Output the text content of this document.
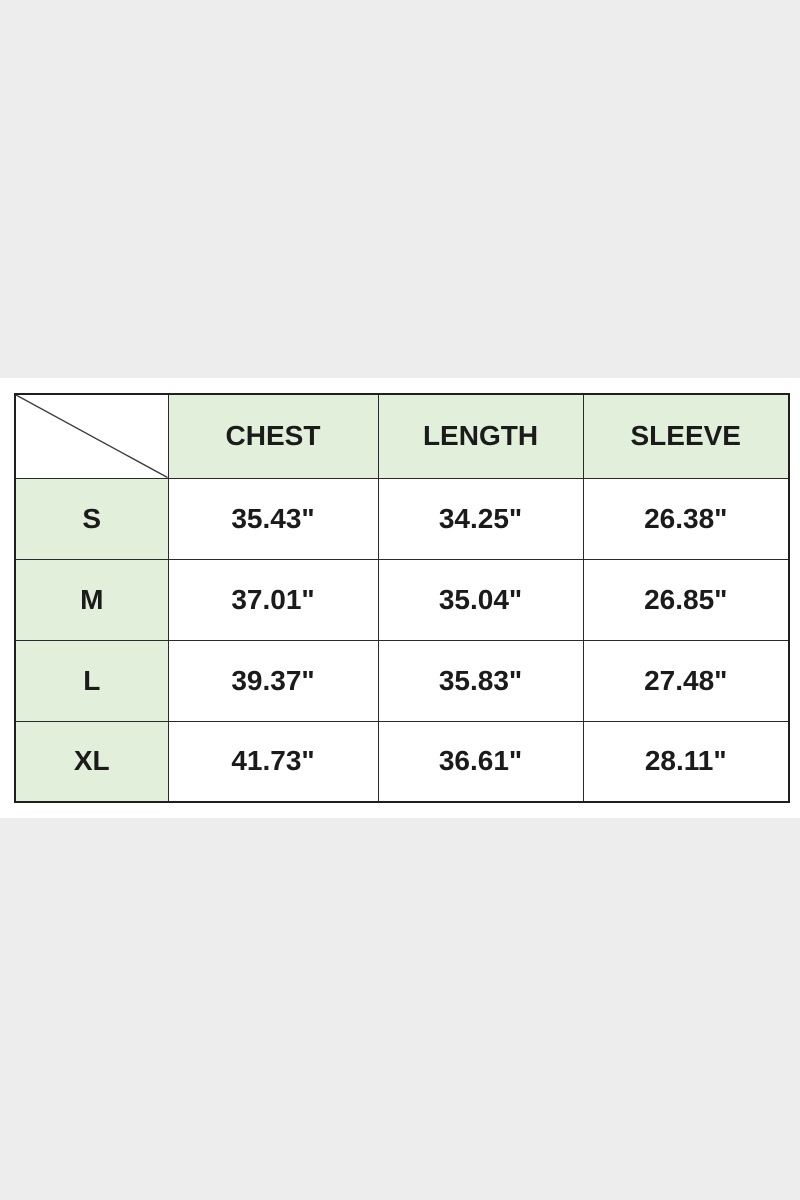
	CHEST	LENGTH	SLEEVE
S	35.43"	34.25"	26.38"
M	37.01"	35.04"	26.85"
L	39.37"	35.83"	27.48"
XL	41.73"	36.61"	28.11"
